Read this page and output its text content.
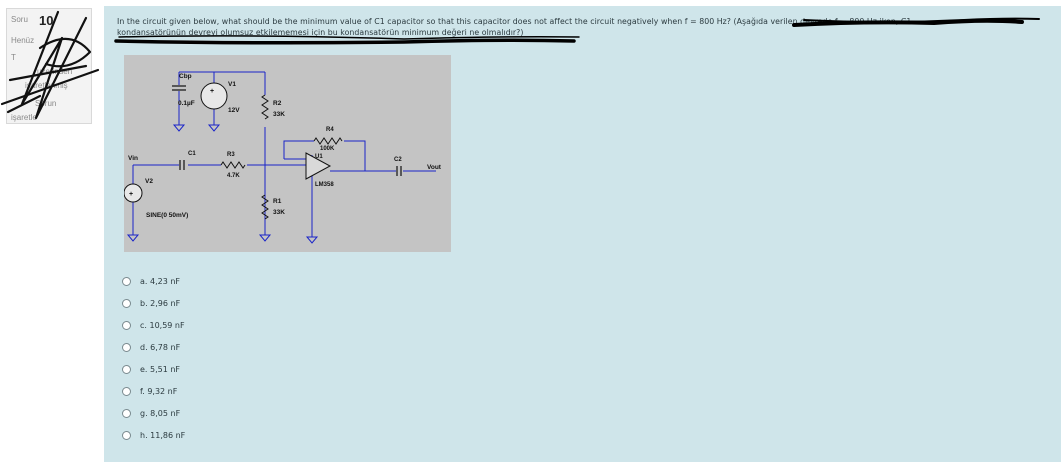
Soru 10
Henüz
T
uzerinden
işaretlenmiş
Sorun
işaretle
In the circuit given below, what should be the minimum value of C1 capacitor so that this capacitor does not affect the circuit negatively when f = 800 Hz? (Aşağıda verilen devrede f = 800 Hz iken, C1
kondansatörünün devreyi olumsuz etkilememesi için bu kondansatörün minimum değeri ne olmalıdır?)
+
+
Cbp
0.1µF
V1
12V
R2
33K
R4
100K
C1	R3
4.7K
U1
LM358
C2
Vout
Vin
V2
SINE(0 50mV)
R1
33K
a. 4,23 nF
b. 2,96 nF
c. 10,59 nF
d. 6,78 nF
e. 5,51 nF
f. 9,32 nF
g. 8,05 nF
h. 11,86 nF
